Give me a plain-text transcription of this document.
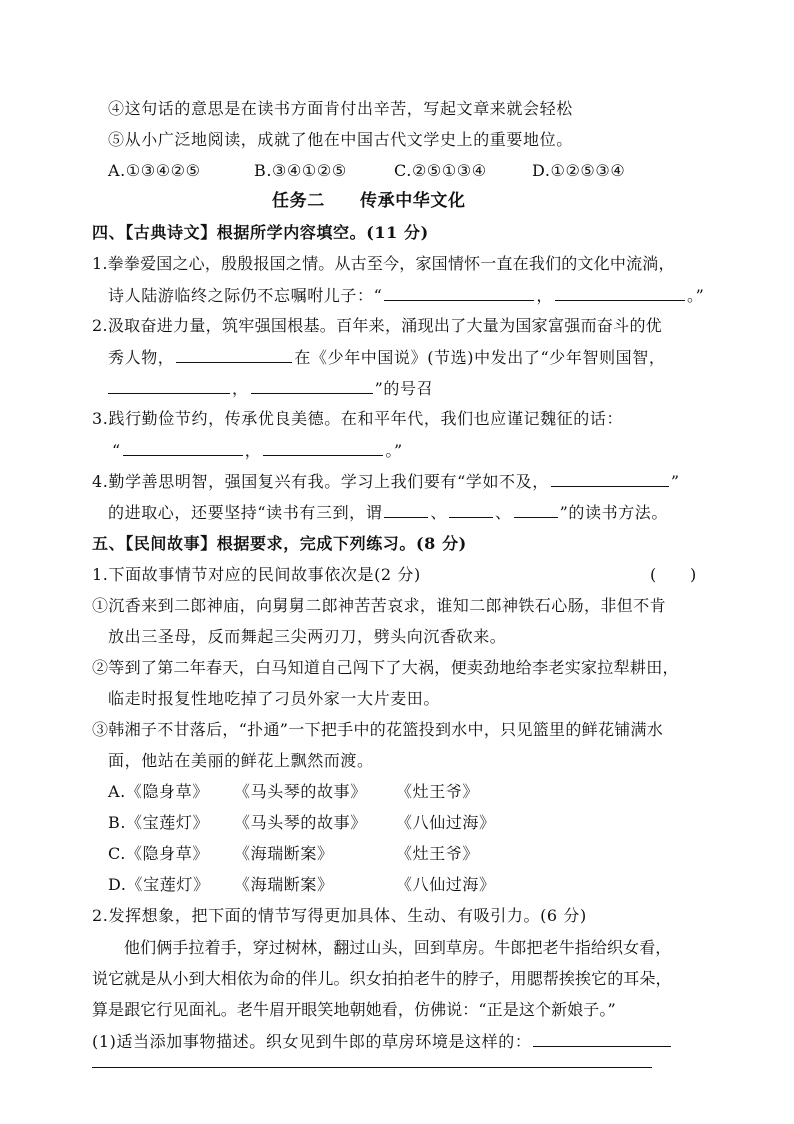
④这句话的意思是在读书方面肯付出辛苦，写起文章来就会轻松
⑤从小广泛地阅读，成就了他在中国古代文学史上的重要地位。
A.①③④②⑤	B.③④①②⑤	C.②⑤①③④	D.①②⑤③④
任务二　　传承中华文化
四、【古典诗文】根据所学内容填空。(11 分)
1.拳拳爱国之心，殷殷报国之情。从古至今，家国情怀一直在我们的文化中流淌，
诗人陆游临终之际仍不忘嘱咐儿子：“	，	。”
2.汲取奋进力量，筑牢强国根基。百年来，涌现出了大量为国家富强而奋斗的优
秀人物，	在《少年中国说》(节选)中发出了“少年智则国智，
，	”的号召
3.践行勤俭节约，传承优良美德。在和平年代，我们也应谨记魏征的话：
“	，	。”
4.勤学善思明智，强国复兴有我。学习上我们要有“学如不及，	”
的进取心，还要坚持“读书有三到，谓	、	、	”的读书方法。
五、【民间故事】根据要求，完成下列练习。(8 分)
1.下面故事情节对应的民间故事依次是(2 分)	(　　)
①沉香来到二郎神庙，向舅舅二郎神苦苦哀求，谁知二郎神铁石心肠，非但不肯
放出三圣母，反而舞起三尖两刃刀，劈头向沉香砍来。
②等到了第二年春天，白马知道自己闯下了大祸，便卖劲地给李老实家拉犁耕田，
临走时报复性地吃掉了刁员外家一大片麦田。
③韩湘子不甘落后，“扑通”一下把手中的花篮投到水中，只见篮里的鲜花铺满水
面，他站在美丽的鲜花上飘然而渡。
A.《隐身草》 《马头琴的故事》 《灶王爷》
B.《宝莲灯》 《马头琴的故事》 《八仙过海》
C.《隐身草》 《海瑞断案》	《灶王爷》
D.《宝莲灯》 《海瑞断案》	《八仙过海》
2.发挥想象，把下面的情节写得更加具体、生动、有吸引力。(6 分)
他们俩手拉着手，穿过树林，翻过山头，回到草房。牛郎把老牛指给织女看，
说它就是从小到大相依为命的伴儿。织女拍拍老牛的脖子，用腮帮挨挨它的耳朵，
算是跟它行见面礼。老牛眉开眼笑地朝她看，仿佛说：“正是这个新娘子。”
(1)适当添加事物描述。织女见到牛郎的草房环境是这样的：
